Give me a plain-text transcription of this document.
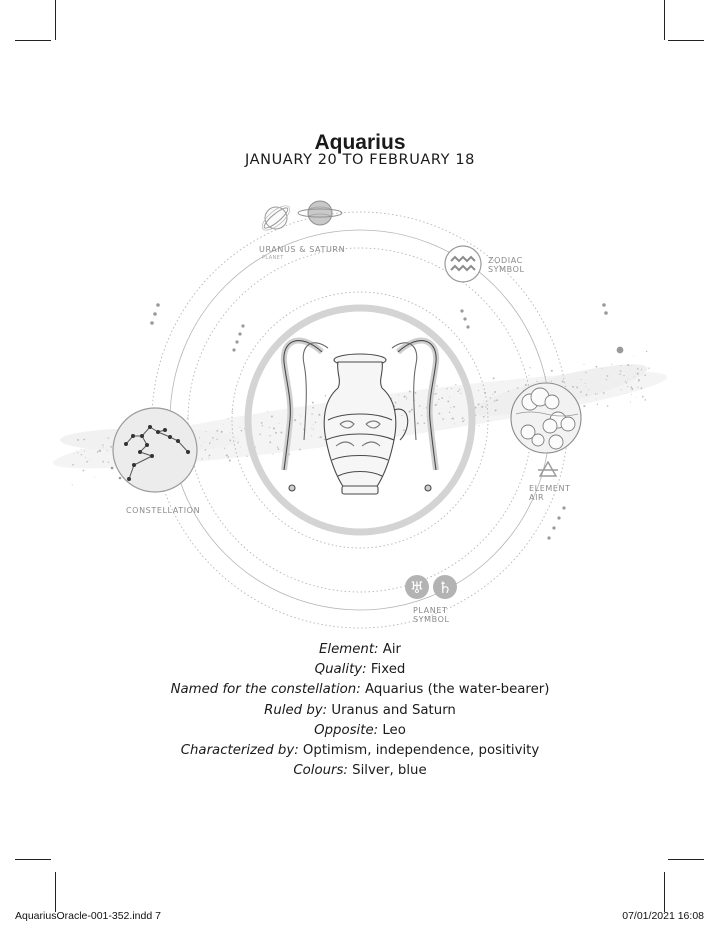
Aquarius
JANUARY 20 TO FEBRUARY 18
URANUS & SATURN
PLANET	ZODIAC
SYMBOL
CONSTELLATION
ELEMENT
AIR
♅ ♄
PLANET
SYMBOL
Element: Air
Quality: Fixed
Named for the constellation: Aquarius (the water-bearer)
Ruled by: Uranus and Saturn
Opposite: Leo
Characterized by: Optimism, independence, positivity
Colours: Silver, blue
AquariusOracle-001-352.indd 7	07/01/2021 16:08
